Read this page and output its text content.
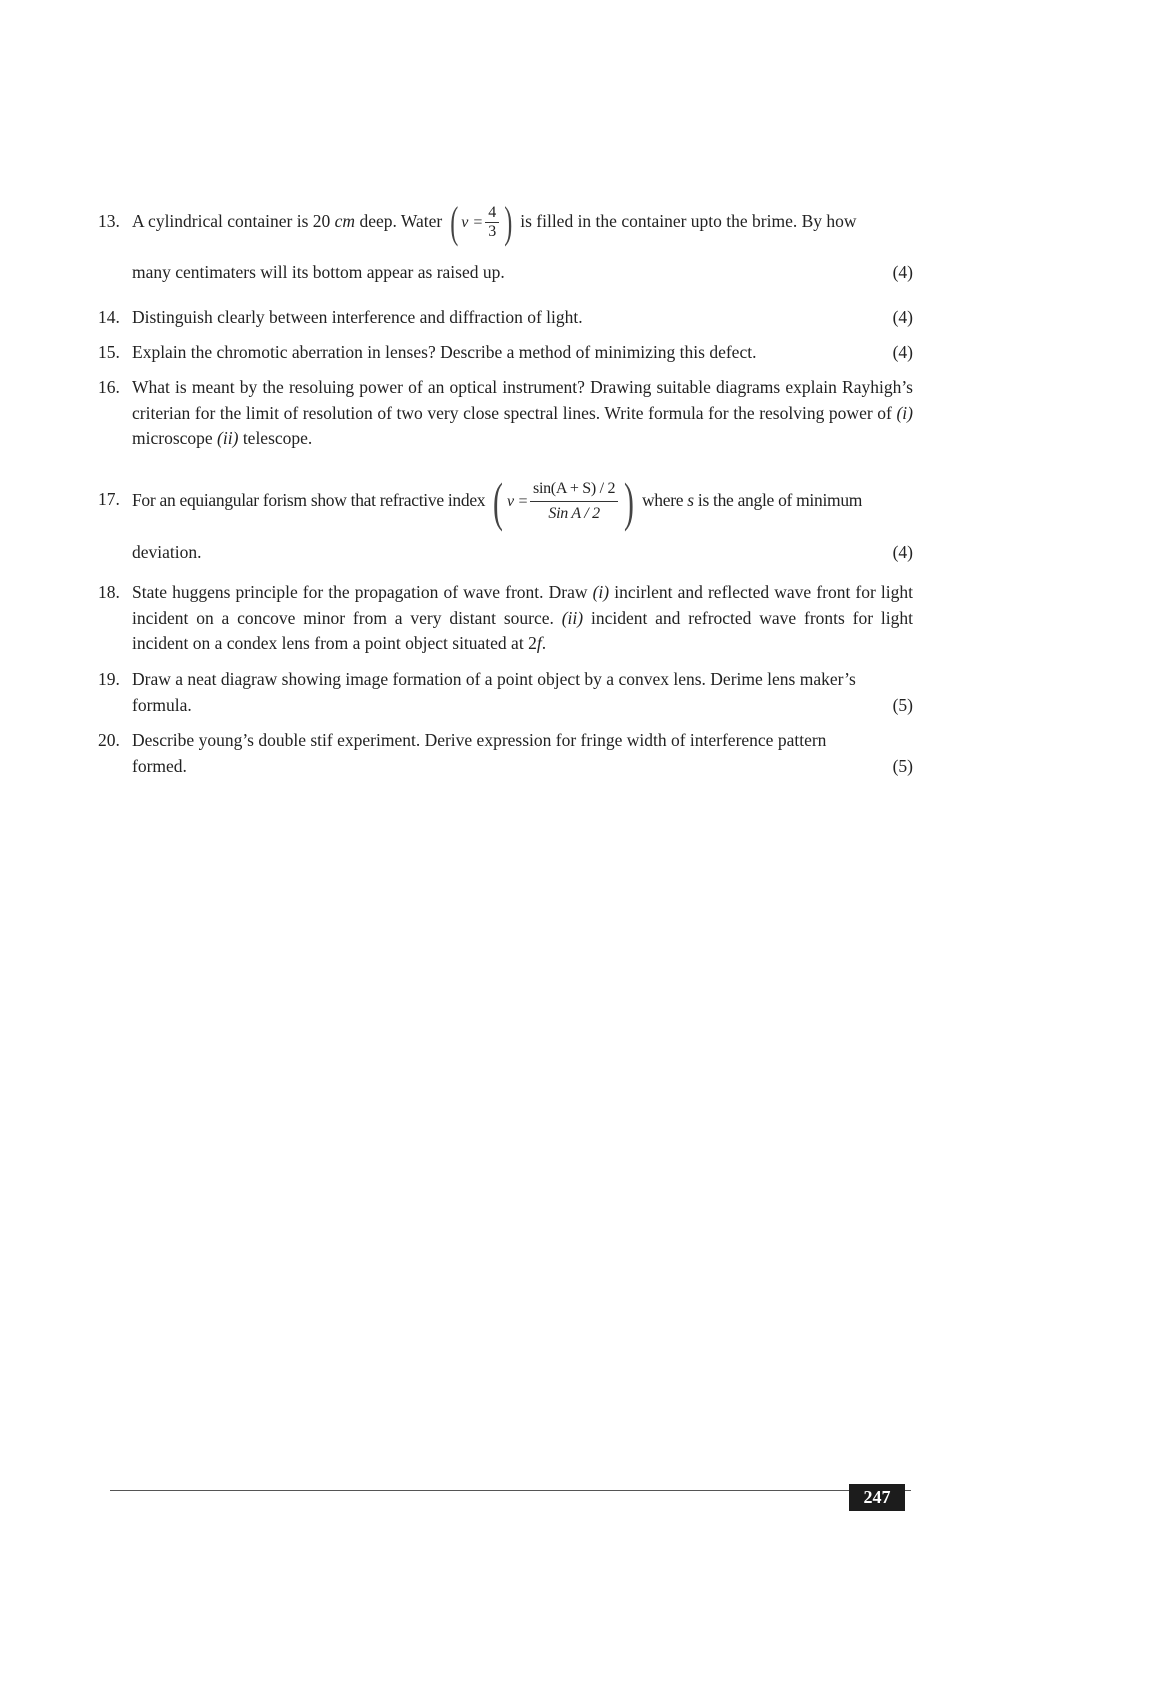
13. A cylindrical container is 20 cm deep. Water ( $v = \frac{4}{3}$ ) is filled in the container upto the brime. By how
many centimaters will its bottom appear as raised up.	(4)
14. Distinguish clearly between interference and diffraction of light.	(4)
15. Explain the chromotic aberration in lenses? Describe a method of minimizing this defect.	(4)
16. What is meant by the resoluing power of an optical instrument? Drawing suitable diagrams explain Rayhigh’s criterian for the limit of resolution of two very close spectral lines. Write formula for the resolving power of (i) microscope (ii) telescope.
17. For an equiangular forism show that refractive index ( $v = \frac{\sin(A + S) / 2}{\text{Sin A / 2}}$ ) where s is the angle of minimum
deviation.	(4)
18. State huggens principle for the propagation of wave front. Draw (i) incirlent and reflected wave front for light incident on a concove minor from a very distant source. (ii) incident and refrocted wave fronts for light incident on a condex lens from a point object situated at 2f.
19. Draw a neat diagraw showing image formation of a point object by a convex lens. Derime lens maker’s
formula.	(5)
20. Describe young’s double stif experiment. Derive expression for fringe width of interference pattern
formed.	(5)
247
